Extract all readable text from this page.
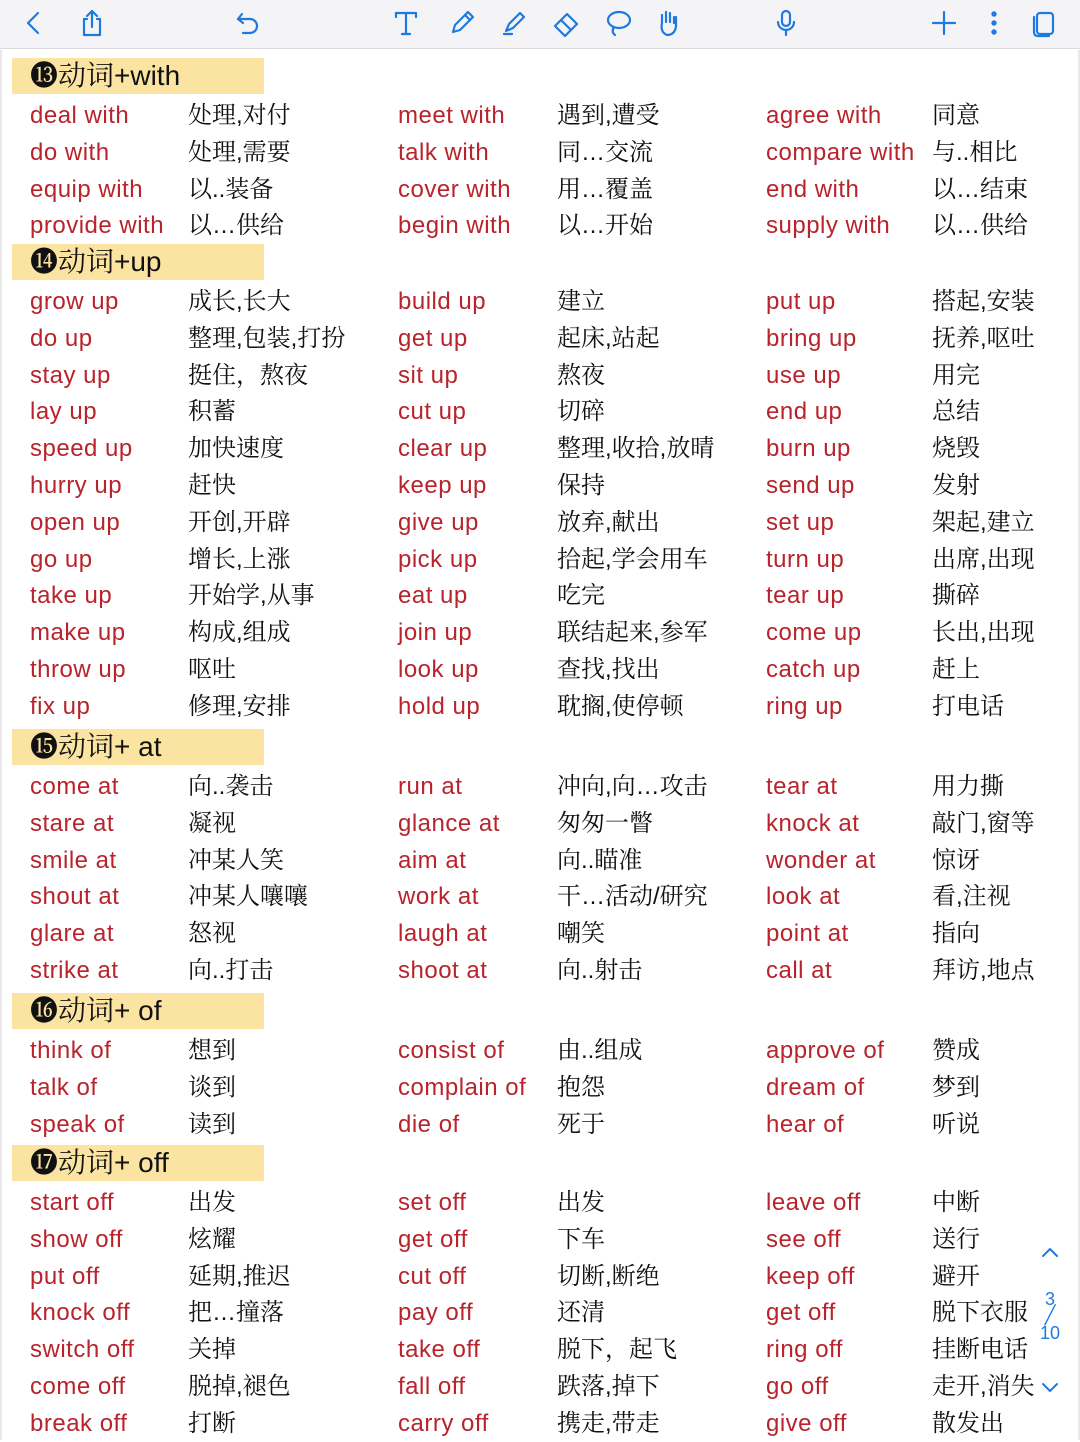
⓭动词+with
deal with 处理,对付	meet with 遇到,遭受	agree with 同意
do with	处理,需要	talk with	同…交流	compare with 与..相比
equip with 以..装备	cover with 用…覆盖	end with	以…结束
provide with 以…供给	begin with 以…开始	supply with 以…供给
⓮动词+up
grow up	成长,长大	build up	建立	put up	搭起,安装
do up	整理,包装,打扮 get up	起床,站起	bring up	抚养,呕吐
stay up	挺住，熬夜	sit up	熬夜	use up	用完
lay up	积蓄	cut up	切碎	end up	总结
speed up 加快速度	clear up	整理,收拾,放晴 burn up	烧毁
hurry up	赶快	keep up	保持	send up	发射
open up	开创,开辟	give up	放弃,献出	set up	架起,建立
go up	增长,上涨	pick up	拾起,学会用车 turn up	出席,出现
take up	开始学,从事	eat up	吃完	tear up	撕碎
make up	构成,组成	join up	联结起来,参军 come up	长出,出现
throw up	呕吐	look up	查找,找出	catch up	赶上
fix up	修理,安排	hold up	耽搁,使停顿	ring up	打电话
⓯动词+ at
come at	向..袭击	run at	冲向,向…攻击 tear at	用力撕
stare at	凝视	glance at 匆匆一瞥	knock at	敲门,窗等
smile at	冲某人笑	aim at	向..瞄准	wonder at 惊讶
shout at	冲某人嚷嚷	work at	干…活动/研究 look at	看,注视
glare at	怒视	laugh at	嘲笑	point at	指向
strike at	向..打击	shoot at	向..射击	call at	拜访,地点
⓰动词+ of
think of	想到	consist of 由..组成	approve of 赞成
talk of	谈到	complain of 抱怨	dream of	梦到
speak of	读到	die of	死于	hear of	听说
⓱动词+ off
start off	出发	set off	出发	leave off	中断
show off	炫耀	get off	下车	see off	送行
put off	延期,推迟	cut off	切断,断绝	keep off	避开
knock off 把…撞落	pay off	还清	get off	脱下衣服
switch off 关掉	take off	脱下，起飞	ring off	挂断电话
come off	脱掉,褪色	fall off	跌落,掉下	go off	走开,消失
break off	打断	carry off	携走,带走	give off	散发出
3
╱
10
